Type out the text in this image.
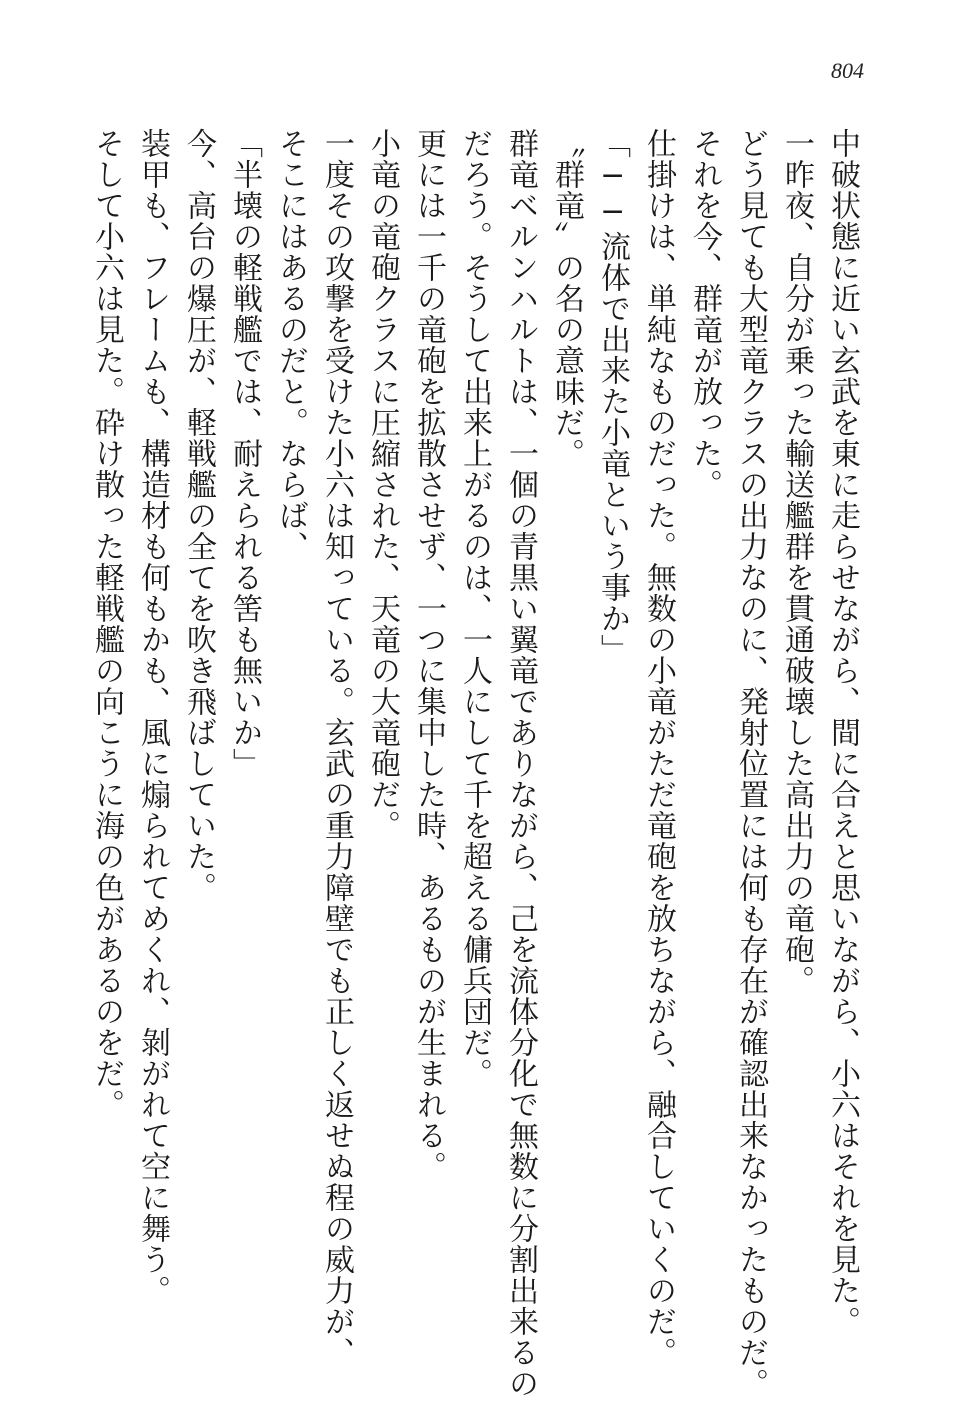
804
中破状態に近い玄武を東に走らせながら、間に合えと思いながら、小六はそれを見た。
一昨夜、自分が乗った輸送艦群を貫通破壊した高出力の竜砲。
どう見ても大型竜クラスの出力なのに、発射位置には何も存在が確認出来なかったものだ。
それを今、群竜が放った。
仕掛けは、単純なものだった。無数の小竜がただ竜砲を放ちながら、融合していくのだ。
「──流体で出来た小竜という事か」
〝群竜〟の名の意味だ。
群竜ベルンハルトは、一個の青黒い翼竜でありながら、己を流体分化で無数に分割出来るの
だろう。そうして出来上がるのは、一人にして千を超える傭兵団だ。
更には一千の竜砲を拡散させず、一つに集中した時、あるものが生まれる。
小竜の竜砲クラスに圧縮された、天竜の大竜砲だ。
一度その攻撃を受けた小六は知っている。玄武の重力障壁でも正しく返せぬ程の威力が、
そこにはあるのだと。ならば、
「半壊の軽戦艦では、耐えられる筈も無いか」
今、高台の爆圧が、軽戦艦の全てを吹き飛ばしていた。
装甲も、フレームも、構造材も何もかも、風に煽られてめくれ、剝がれて空に舞う。
そして小六は見た。砕け散った軽戦艦の向こうに海の色があるのをだ。
